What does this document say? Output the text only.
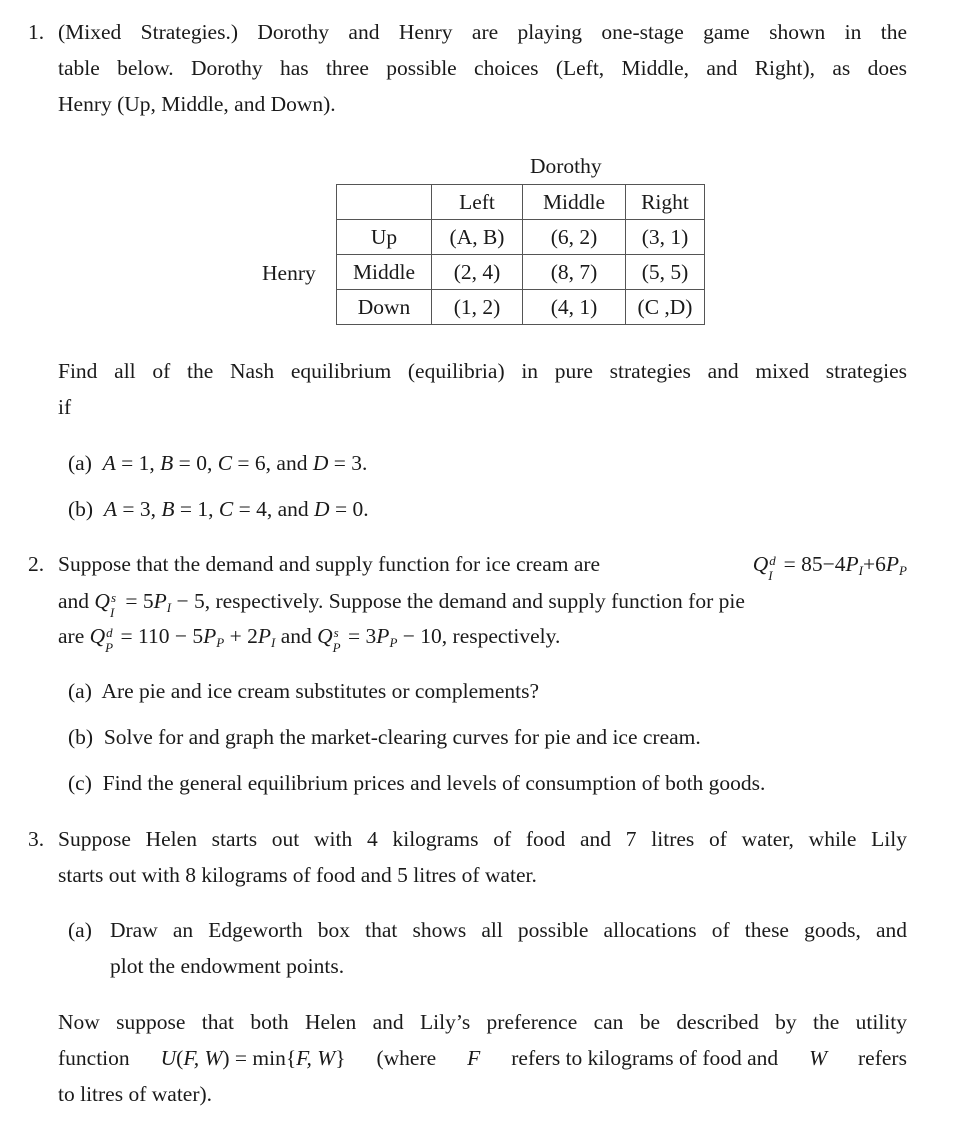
1. (Mixed Strategies.) Dorothy and Henry are playing one-stage game shown in the
table below. Dorothy has three possible choices (Left, Middle, and Right), as does
Henry (Up, Middle, and Down).
Dorothy
Henry
	Left	Middle	Right
Up	(A, B)	(6, 2)	(3, 1)
Middle	(2, 4)	(8, 7)	(5, 5)
Down	(1, 2)	(4, 1)	(C ,D)
Find all of the Nash equilibrium (equilibria) in pure strategies and mixed strategies
if
(a) A = 1, B = 0, C = 6, and D = 3.
(b) A = 3, B = 1, C = 4, and D = 0.
2. Suppose that the demand and supply function for ice cream are	Q d
$I = 85-4P_I+6P_P$
and Q s
$I = 5P_I - 5$, respectively. Suppose the demand and supply function for pie
are Q d
$P = 110 - 5P_P + 2P_I$ and Q s
$P = 3P_P - 10$, respectively.
(a) Are pie and ice cream substitutes or complements?
(b) Solve for and graph the market-clearing curves for pie and ice cream.
(c) Find the general equilibrium prices and levels of consumption of both goods.
3. Suppose Helen starts out with 4 kilograms of food and 7 litres of water, while Lily
starts out with 8 kilograms of food and 5 litres of water.
(a) Draw an Edgeworth box that shows all possible allocations of these goods, and
plot the endowment points.
Now suppose that both Helen and Lily’s preference can be described by the utility
function U(F, W) = min{F, W} (where F refers to kilograms of food and W refers
to litres of water).
